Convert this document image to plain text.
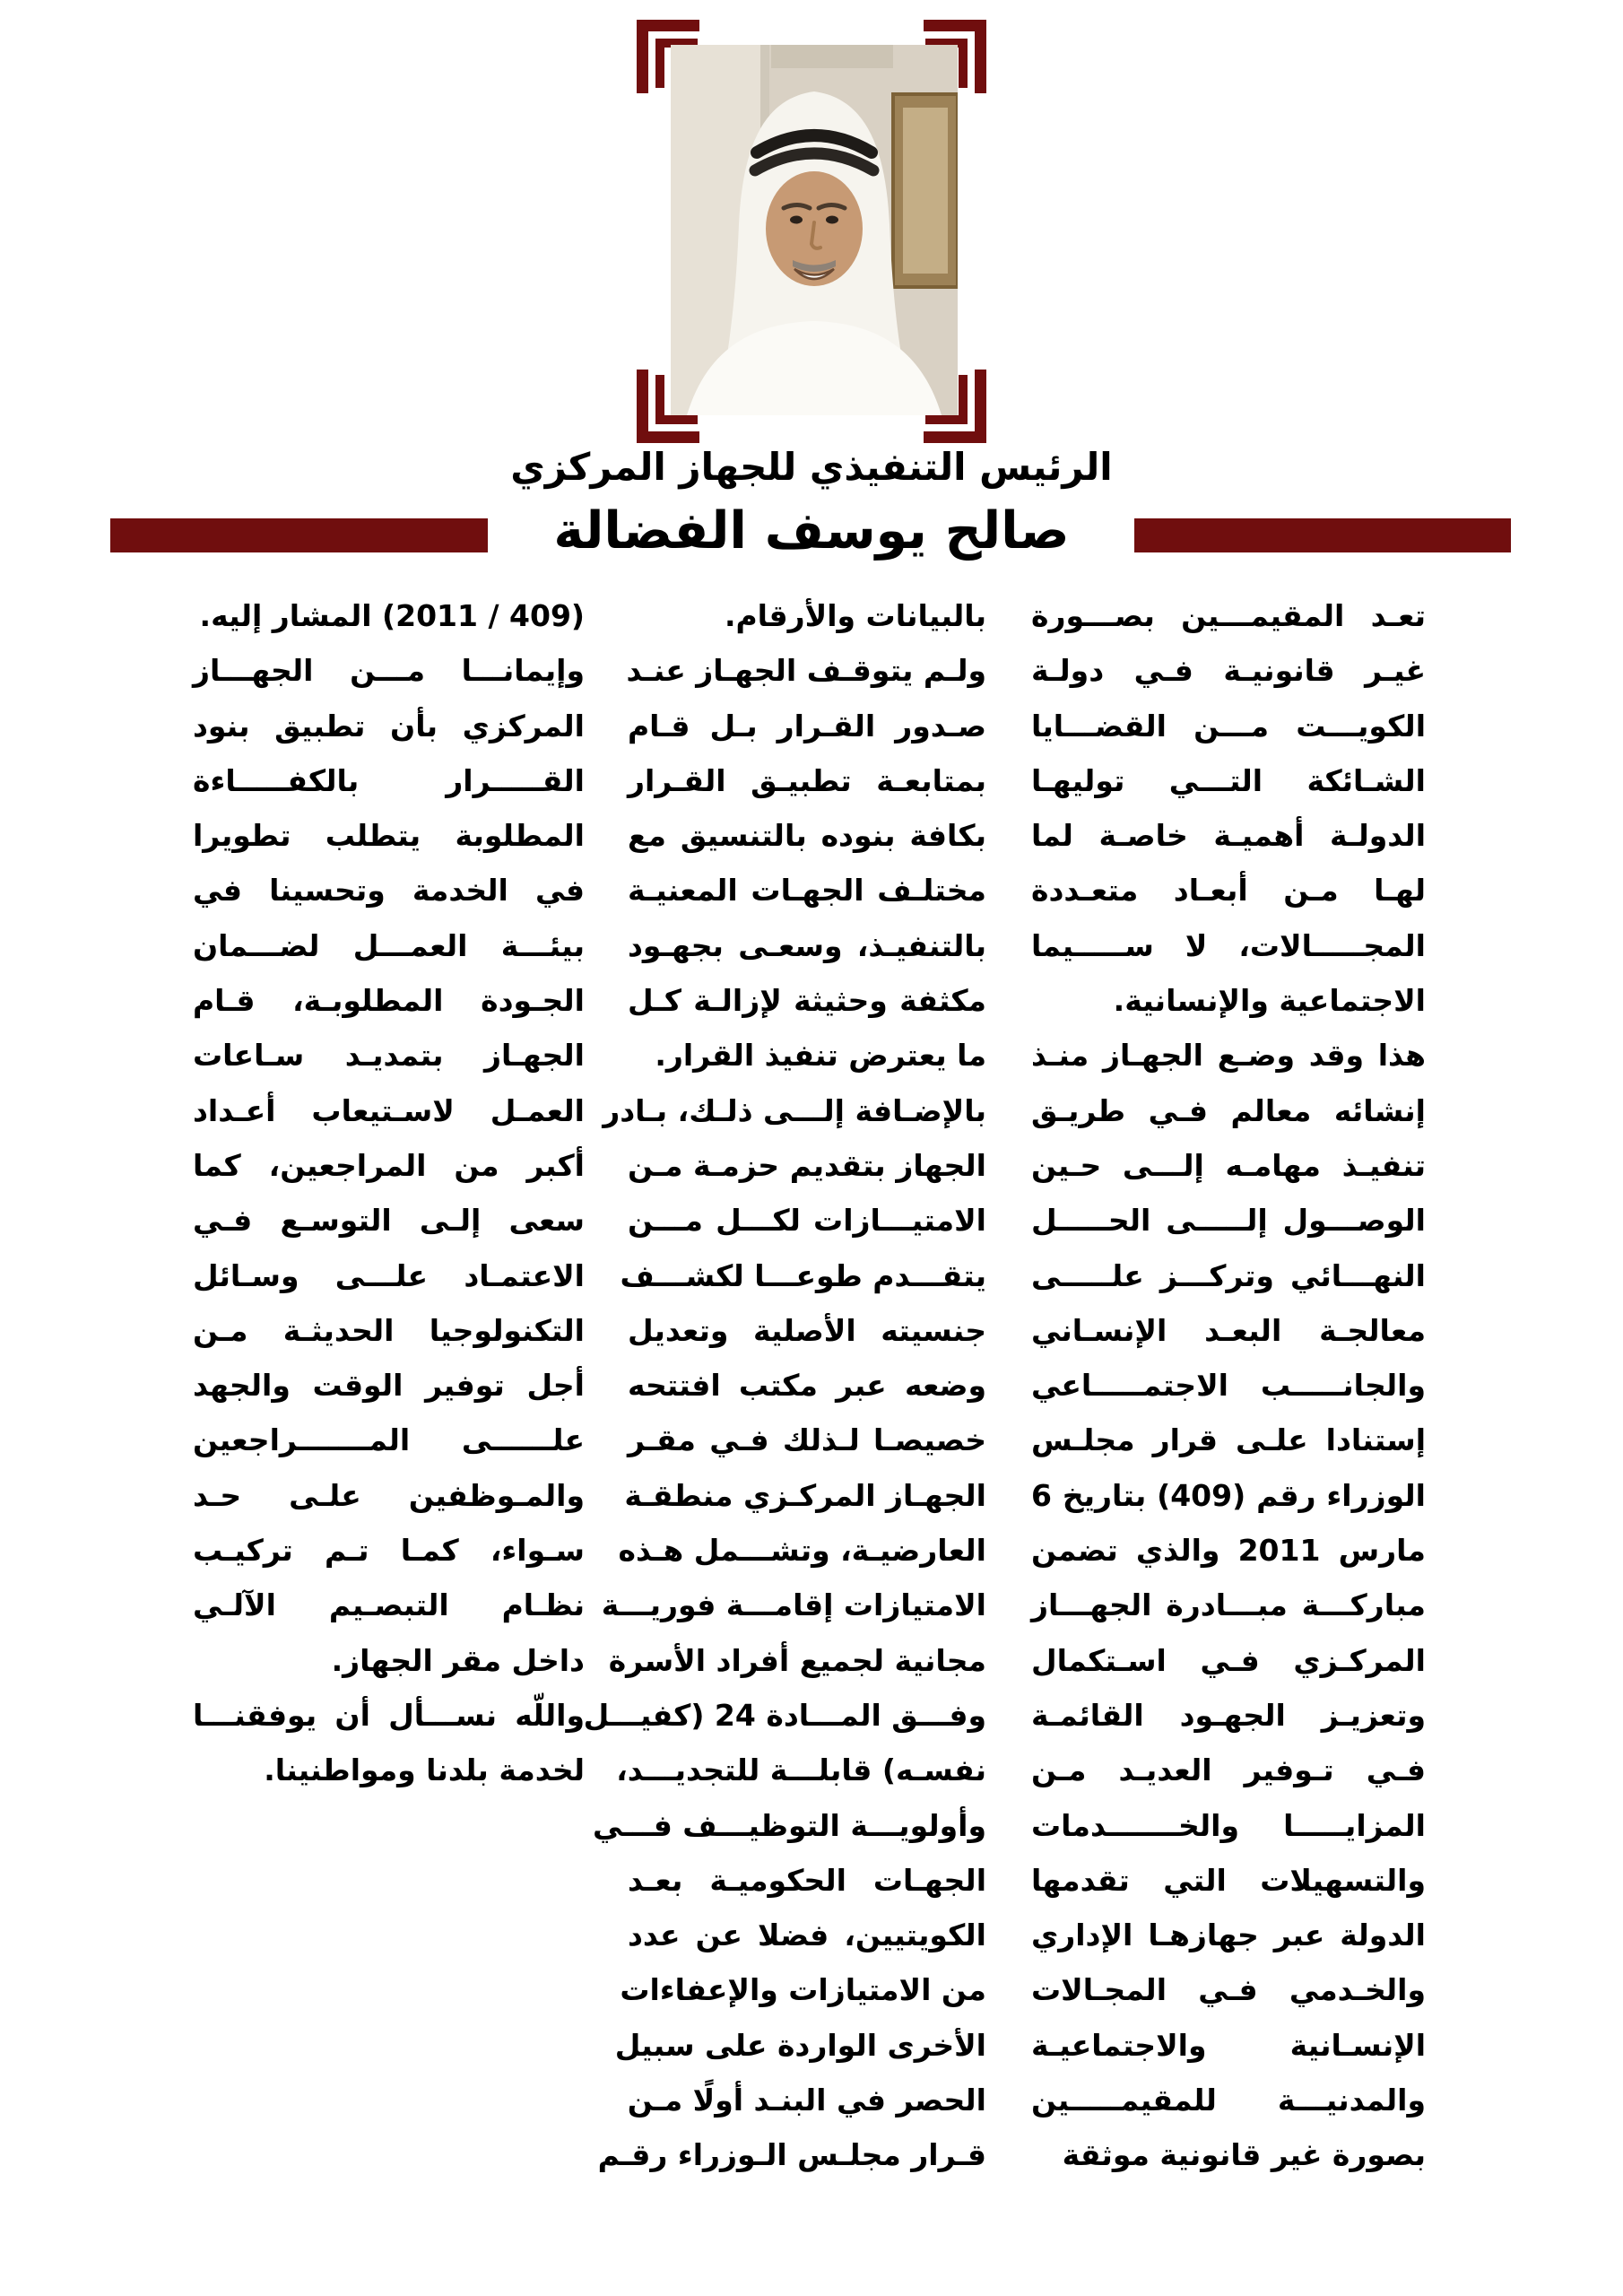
الرئيس التنفيذي للجهاز المركزي
صالح يوسف الفضالة
تعـد المقيمـــين بصـــورة
غيـر قانونيـة فـي دولـة
الكويـــت مـــن القضـــايا
الشـائكة التـــي توليهـا
الدولـة أهميـة خاصـة لما
لهـا مـن أبعـاد متعـددة
المجـــــالات، لا ســـــيما
الاجتماعية والإنسانية.
هذا وقد وضـع الجهـاز منـذ
إنشائه معالم فـي طريـق
تنفيـذ مهامـه إلـــى حـين
الوصـــول إلـــــى الحـــــل
النهـــائي وتركـــز علـــــى
معالجـة البعـد الإنسـاني
والجانـــــب الاجتمـــــاعي
إستنادا علـى قرار مجلـس
الوزراء رقم (409) بتاريخ 6
مارس 2011 والذي تضمن
مباركـــة مبـــادرة الجهـــاز
المركـزي فـي اسـتكمال
وتعزيـز الجهـود القائمـة
فـي تـوفير العديـد مـن
المزايـــــا والخـــــــدمات
والتسهيلات التي تقدمها
الدولة عبر جهازهـا الإداري
والخـدمي فـي المجـالات
الإنسـانية والاجتماعيـة
والمدنيـــة للمقيمـــــين
بصورة غير قانونية موثقة
بالبيانات والأرقام.
ولـم يتوقـف الجهـاز عنـد
صـدور القـرار بـل قـام
بمتابعـة تطبيـق القـرار
بكافة بنوده بالتنسيق مع
مختلـف الجهـات المعنيـة
بالتنفيـذ، وسعـى بجهـود
مكثفة وحثيثة لإزالـة كـل
ما يعترض تنفيذ القرار.
بالإضـافة إلـــى ذلـك، بـادر
الجهاز بتقديم حزمـة مـن
الامتيـــازات لكـــل مـــن
يتقـــدم طوعـــا لكشـــف
جنسيته الأصلية وتعديل
وضعه عبر مكتب افتتحه
خصيصـا لـذلك فـي مقـر
الجهـاز المركـزي منطقـة
العارضيـة، وتشـــمل هـذه
الامتيازات إقامـــة فوريـــة
مجانية لجميع أفراد الأسرة
وفـــق المـــادة 24 (كفيـــل
نفسـه) قابلـــة للتجديـــد،
وأولويـــة التوظيـــف فـــي
الجهـات الحكوميـة بعـد
الكويتيين، فضلا عن عدد
من الامتيازات والإعفاءات
الأخرى الواردة على سبيل
الحصر في البنـد أولًا مـن
قـرار مجلـس الـوزراء رقـم
(409 / 2011) المشار إليه.
وإيمانـــا مـــن الجهـــاز
المركزي بأن تطبيق بنود
القـــــرار بالكفـــــاءة
المطلوبة يتطلب تطويرا
في الخدمة وتحسينا في
بيئـــة العمـــل لضـــمان
الجـودة المطلوبـة، قـام
الجهـاز بتمديـد سـاعات
العمـل لاسـتيعاب أعـداد
أكبر من المراجعين، كما
سعى إلـى التوسـع فـي
الاعتمـاد علـــى وسـائل
التكنولوجيا الحديثـة مـن
أجل توفير الوقت والجهد
علــــــى المـــــــراجعين
والمـوظفين علـى حـد
سـواء، كمـا تـم تركيـب
نظـام التبصـيم الآلـي
داخل مقر الجهاز.
واللّه نســـأل أن يوفقنـــا
لخدمة بلدنا ومواطنينا.
